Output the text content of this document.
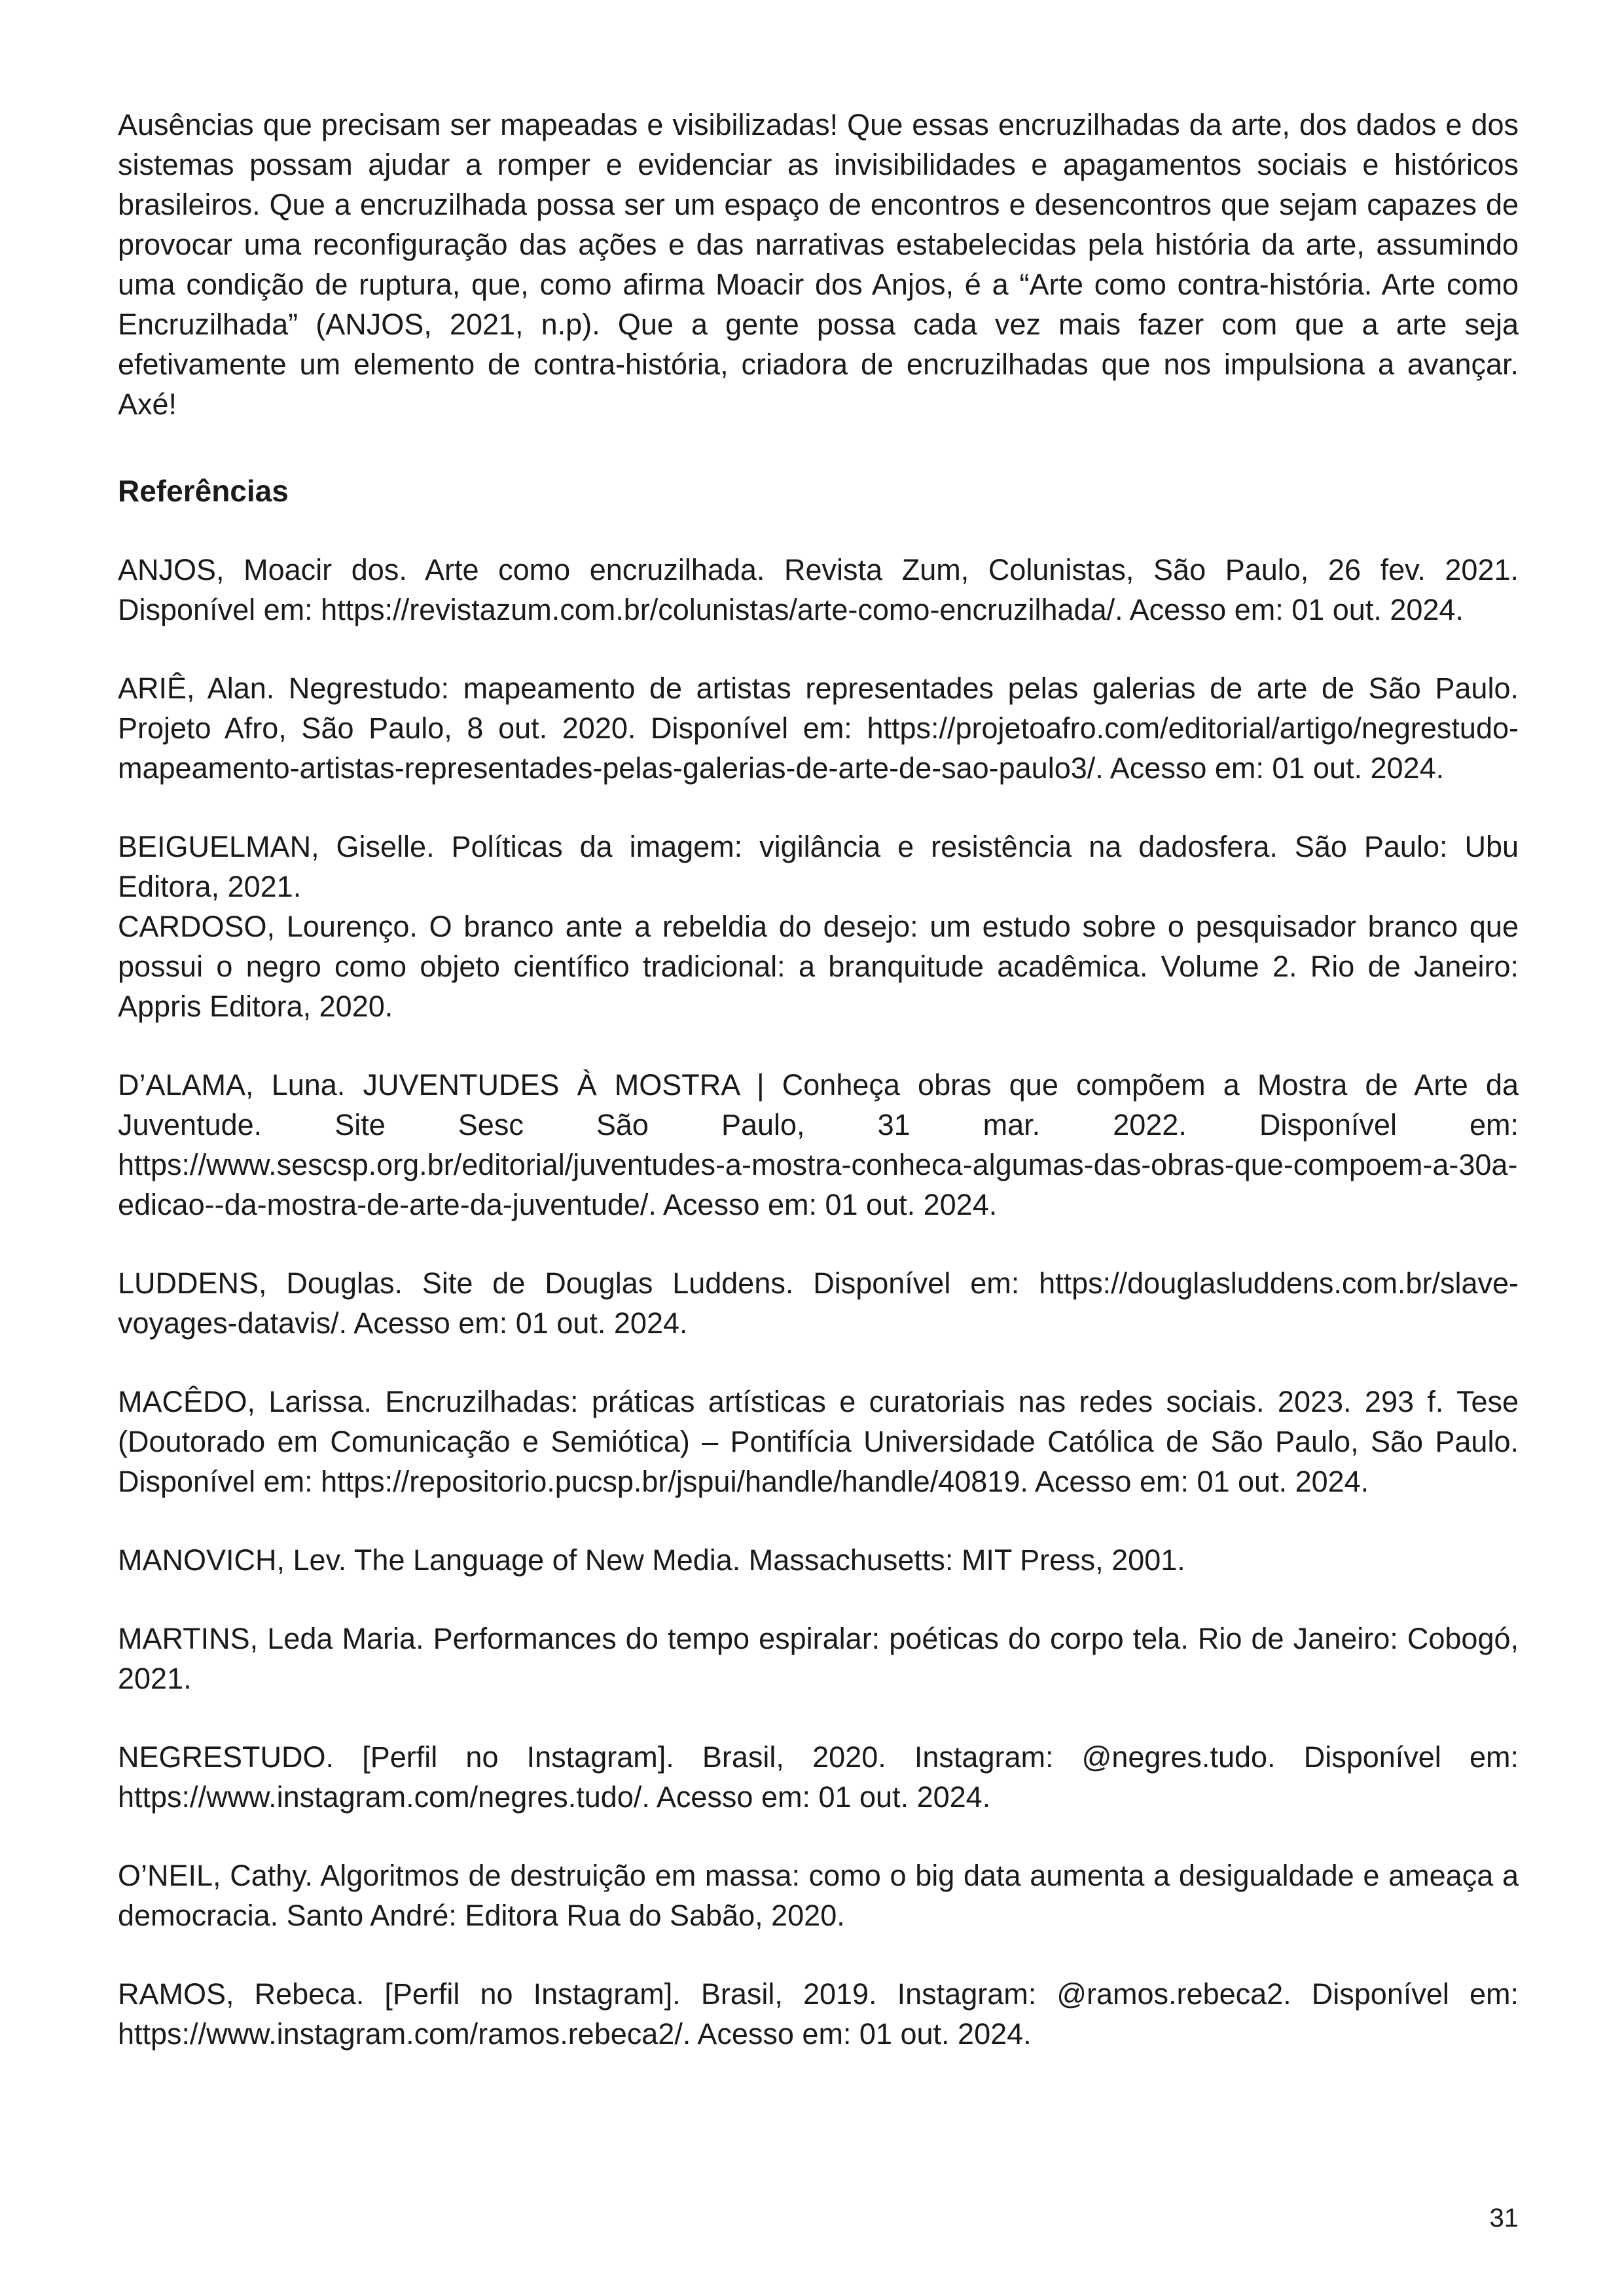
Ausências que precisam ser mapeadas e visibilizadas! Que essas encruzilhadas da arte, dos dados e dos sistemas possam ajudar a romper e evidenciar as invisibilidades e apagamentos sociais e históricos brasileiros. Que a encruzilhada possa ser um espaço de encontros e desencontros que sejam capazes de provocar uma reconfiguração das ações e das narrativas estabelecidas pela história da arte, assumindo uma condição de ruptura, que, como afirma Moacir dos Anjos, é a “Arte como contra-história. Arte como Encruzilhada” (ANJOS, 2021, n.p). Que a gente possa cada vez mais fazer com que a arte seja efetivamente um elemento de contra-história, criadora de encruzilhadas que nos impulsiona a avançar. Axé!

Referências

ANJOS, Moacir dos. Arte como encruzilhada. Revista Zum, Colunistas, São Paulo, 26 fev. 2021. Disponível em: https://revistazum.com.br/colunistas/arte-como-encruzilhada/. Acesso em: 01 out. 2024.

ARIÊ, Alan. Negrestudo: mapeamento de artistas representades pelas galerias de arte de São Paulo. Projeto Afro, São Paulo, 8 out. 2020. Disponível em: https://projetoafro.com/editorial/artigo/negrestudo-mapeamento-artistas-representades-pelas-galerias-de-arte-de-sao-paulo3/. Acesso em: 01 out. 2024.

BEIGUELMAN, Giselle. Políticas da imagem: vigilância e resistência na dadosfera. São Paulo: Ubu Editora, 2021.

CARDOSO, Lourenço. O branco ante a rebeldia do desejo: um estudo sobre o pesquisador branco que possui o negro como objeto científico tradicional: a branquitude acadêmica. Volume 2. Rio de Janeiro: Appris Editora, 2020.

D’ALAMA, Luna. JUVENTUDES À MOSTRA | Conheça obras que compõem a Mostra de Arte da Juventude. Site Sesc São Paulo, 31 mar. 2022. Disponível em: https://www.sescsp.org.br/editorial/juventudes-a-mostra-conheca-algumas-das-obras-que-compoem-a-30a-edicao--da-mostra-de-arte-da-juventude/. Acesso em: 01 out. 2024.

LUDDENS, Douglas. Site de Douglas Luddens. Disponível em: https://douglasluddens.com.br/slave-voyages-datavis/. Acesso em: 01 out. 2024.

MACÊDO, Larissa. Encruzilhadas: práticas artísticas e curatoriais nas redes sociais. 2023. 293 f. Tese (Doutorado em Comunicação e Semiótica) – Pontifícia Universidade Católica de São Paulo, São Paulo. Disponível em: https://repositorio.pucsp.br/jspui/handle/handle/40819. Acesso em: 01 out. 2024.

MANOVICH, Lev. The Language of New Media. Massachusetts: MIT Press, 2001.

MARTINS, Leda Maria. Performances do tempo espiralar: poéticas do corpo tela. Rio de Janeiro: Cobogó, 2021.

NEGRESTUDO. [Perfil no Instagram]. Brasil, 2020. Instagram: @negres.tudo. Disponível em: https://www.instagram.com/negres.tudo/. Acesso em: 01 out. 2024.

O’NEIL, Cathy. Algoritmos de destruição em massa: como o big data aumenta a desigualdade e ameaça a democracia. Santo André: Editora Rua do Sabão, 2020.

RAMOS, Rebeca. [Perfil no Instagram]. Brasil, 2019. Instagram: @ramos.rebeca2. Disponível em: https://www.instagram.com/ramos.rebeca2/. Acesso em: 01 out. 2024.

31
